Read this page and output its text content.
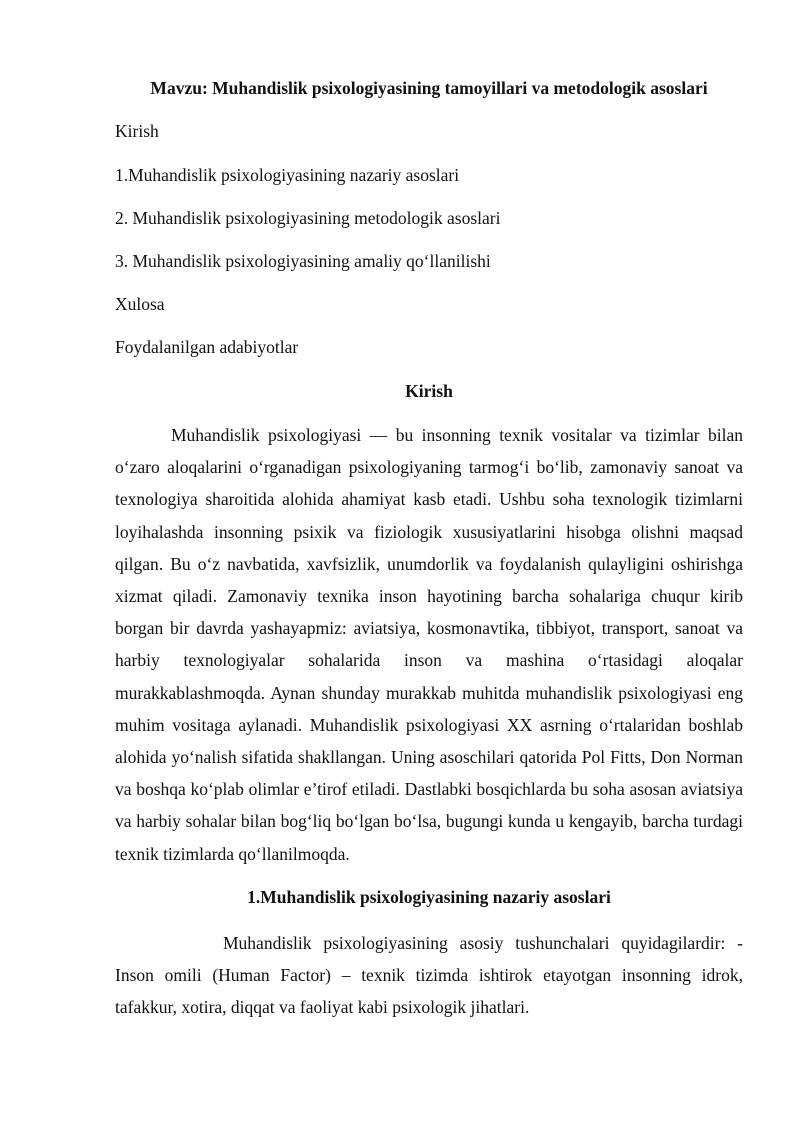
Mavzu: Muhandislik psixologiyasining tamoyillari va metodologik asoslari

Kirish

1.Muhandislik psixologiyasining nazariy asoslari

2. Muhandislik psixologiyasining metodologik asoslari

3. Muhandislik psixologiyasining amaliy qo‘llanilishi

Xulosa

Foydalanilgan adabiyotlar

Kirish

Muhandislik psixologiyasi — bu insonning texnik vositalar va tizimlar bilan o‘zaro aloqalarini o‘rganadigan psixologiyaning tarmog‘i bo‘lib, zamonaviy sanoat va texnologiya sharoitida alohida ahamiyat kasb etadi. Ushbu soha texnologik tizimlarni loyihalashda insonning psixik va fiziologik xususiyatlarini hisobga olishni maqsad qilgan. Bu o‘z navbatida, xavfsizlik, unumdorlik va foydalanish qulayligini oshirishga xizmat qiladi. Zamonaviy texnika inson hayotining barcha sohalariga chuqur kirib borgan bir davrda yashayapmiz: aviatsiya, kosmonavtika, tibbiyot, transport, sanoat va harbiy texnologiyalar sohalarida inson va mashina o‘rtasidagi aloqalar murakkablashmoqda. Aynan shunday murakkab muhitda muhandislik psixologiyasi eng muhim vositaga aylanadi. Muhandislik psixologiyasi XX asrning o‘rtalaridan boshlab alohida yo‘nalish sifatida shakllangan. Uning asoschilari qatorida Pol Fitts, Don Norman va boshqa ko‘plab olimlar e’tirof etiladi. Dastlabki bosqichlarda bu soha asosan aviatsiya va harbiy sohalar bilan bog‘liq bo‘lgan bo‘lsa, bugungi kunda u kengayib, barcha turdagi texnik tizimlarda qo‘llanilmoqda.

1.Muhandislik psixologiyasining nazariy asoslari

Muhandislik psixologiyasining asosiy tushunchalari quyidagilardir: - Inson omili (Human Factor) – texnik tizimda ishtirok etayotgan insonning idrok, tafakkur, xotira, diqqat va faoliyat kabi psixologik jihatlari.
